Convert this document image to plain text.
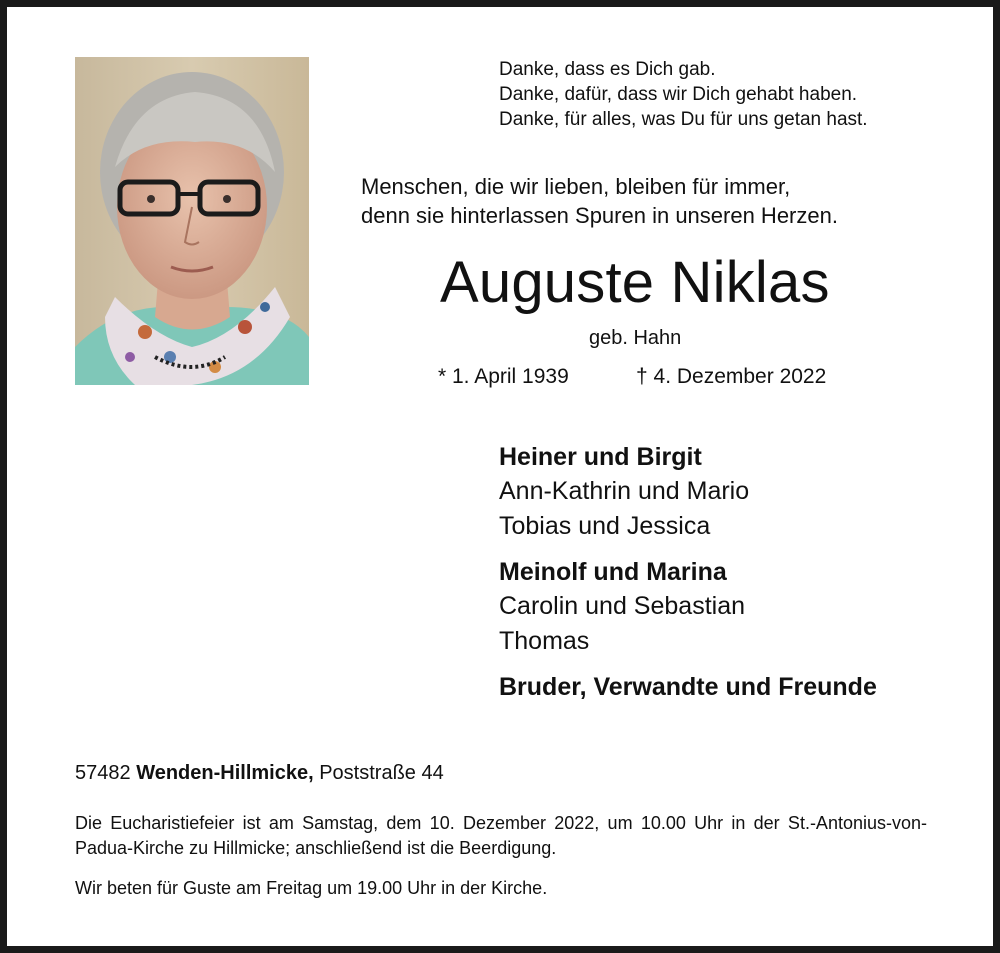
Danke, dass es Dich gab.
Danke, dafür, dass wir Dich gehabt haben.
Danke, für alles, was Du für uns getan hast.
Menschen, die wir lieben, bleiben für immer,
denn sie hinterlassen Spuren in unseren Herzen.
Auguste Niklas
geb. Hahn
* 1. April 1939	† 4. Dezember 2022
Heiner und Birgit
Ann-Kathrin und Mario
Tobias und Jessica
Meinolf und Marina
Carolin und Sebastian
Thomas
Bruder, Verwandte und Freunde
57482 Wenden-Hillmicke, Poststraße 44
Die Eucharistiefeier ist am Samstag, dem 10. Dezember 2022, um 10.00 Uhr in der St.-Antonius-von-Padua-Kirche zu Hillmicke; anschließend ist die Beerdigung.
Wir beten für Guste am Freitag um 19.00 Uhr in der Kirche.
